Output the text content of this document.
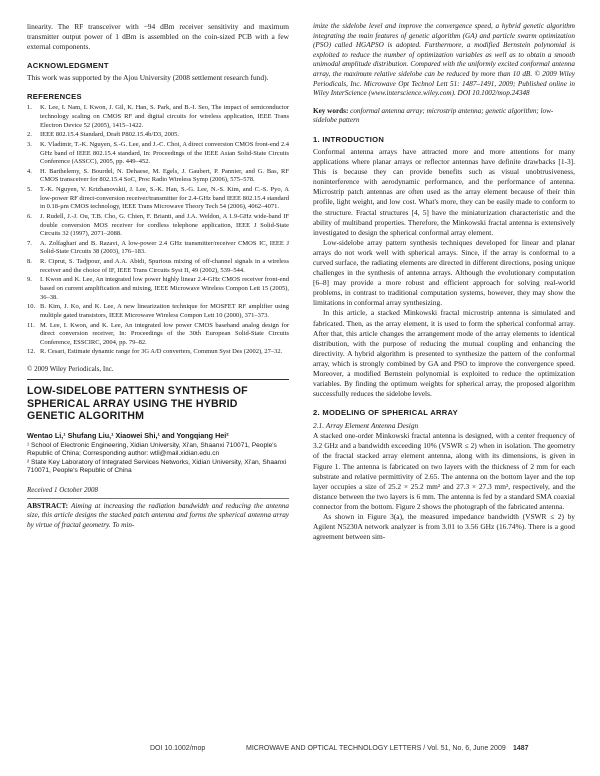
linearity. The RF transceiver with −94 dBm receiver sensitivity and maximum transmitter output power of 1 dBm is assembled on the coin-sized PCB with a few external components.

ACKNOWLEDGMENT

This work was supported by the Ajou University (2008 settlement research fund).

REFERENCES
1. K. Lee, I. Nam, I. Kwon, J. Gil, K. Han, S. Park, and B.-I. Seo, The impact of semiconductor technology scaling on CMOS RF and digital circuits for wireless application, IEEE Trans Electron Device 52 (2005), 1415–1422.
2. IEEE 802.15.4 Standard, Draft P802.15.4b/D3, 2005.
3. K. Vladimir, T.-K. Nguyen, S.-G. Lee, and J.-C. Choi, A direct conversion CMOS front-end 2.4 GHz band of IEEE 802.15.4 standard, In: Proceedings of the IEEE Asian Solid-State Circuits Conference (ASSCC), 2005, pp. 449–452.
4. H. Barthelemy, S. Bourdel, N. Dehaese, M. Egels, J. Gaubert, P. Pannier, and G. Bas, RF CMOS transceiver for 802.15.4 SoC, Proc Radio Wireless Symp (2006), 575–578.
5. T.-K. Nguyen, V. Krizhanovskii, J. Lee, S.-K. Han, S.-G. Lee, N.-S. Kim, and C.-S. Pyo, A low-power RF direct-conversion receiver/transmitter for 2.4-GHz band IEEE 802.15.4 standard in 0.18-μm CMOS technology, IEEE Trans Microwave Theory Tech 54 (2006), 4062–4071.
6. J. Rudell, J.-J. Ou, T.B. Cho, G. Chien, F. Brianti, and J.A. Weldon, A 1.9-GHz wide-band IF double conversion MOS receiver for cordless telephone application, IEEE J Solid-State Circuits 32 (1997), 2071–2088.
7. A. Zolfaghari and B. Razavi, A low-power 2.4 GHz transmitter/receiver CMOS IC, IEEE J Solid-State Circuits 38 (2003), 176–183.
8. R. Ciprut, S. Tadjpour, and A.A. Abidi, Spurious mixing of off-channel signals in a wireless receiver and the choice of IF, IEEE Trans Circuits Syst II, 49 (2002), 539–544.
9. I. Kwon and K. Lee, An integrated low power highly linear 2.4-GHz CMOS receiver front-end based on current amplification and mixing, IEEE Microwave Wireless Compon Lett 15 (2005), 36–38.
10. B. Kim, J. Ko, and K. Lee, A new linearization technique for MOSFET RF amplifier using multiple gated transistors, IEEE Microwave Wireless Compon Lett 10 (2000), 371–373.
11. M. Lee, I. Kwon, and K. Lee, An integrated low power CMOS baseband analog design for direct conversion receiver, In: Proceedings of the 30th European Solid-State Circuits Conference, ESSCIRC, 2004, pp. 79–82.
12. R. Cesari, Estimate dynamic range for 3G A/D converters, Commun Syst Des (2002), 27–32.
© 2009 Wiley Periodicals, Inc.
LOW-SIDELOBE PATTERN SYNTHESIS OF SPHERICAL ARRAY USING THE HYBRID GENETIC ALGORITHM
Wentao Li,¹ Shufang Liu,¹ Xiaowei Shi,¹ and Yongqiang Hei²
¹ School of Electronic Engineering, Xidian University, Xi'an, Shaanxi 710071, People's Republic of China; Corresponding author: wtli@mail.xidian.edu.cn
² State Key Laboratory of Integrated Services Networks, Xidian University, Xi'an, Shaanxi 710071, People's Republic of China
Received 1 October 2008
ABSTRACT: Aiming at increasing the radiation bandwidth and reducing the antenna size, this article designs the stacked patch antenna and forms the spherical antenna array by virtue of fractal geometry. To min-
imize the sidelobe level and improve the convergence speed, a hybrid genetic algorithm integrating the main features of genetic algorithm (GA) and particle swarm optimization (PSO) called HGAPSO is adopted. Furthermore, a modified Bernstein polynomial is exploited to reduce the number of optimization variables as well as to obtain a smooth unimodal amplitude distribution. Compared with the uniformly excited conformal antenna array, the maximum relative sidelobe can be reduced by more than 10 dB. © 2009 Wiley Periodicals, Inc. Microwave Opt Technol Lett 51: 1487–1491, 2009; Published online in Wiley InterScience (www.interscience.wiley.com). DOI 10.1002/mop.24348
Key words: conformal antenna array; microstrip antenna; genetic algorithm; low-sidelobe pattern
1. INTRODUCTION

Conformal antenna arrays have attracted more and more attentions for many applications where planar arrays or reflector antennas have definite drawbacks [1-3]. This is because they can provide benefits such as visual unobtrusiveness, noninterference with aerodynamic performance, and the performance of antenna. Microstrip patch antennas are often used as the array element because of their thin profile, light weight, and low cost. What's more, they can be easily made to conform to the structure. Fractal structures [4, 5] have the miniaturization characteristic and the ability of multiband properties. Therefore, the Minkowski fractal antenna is extensively investigated to design the spherical conformal array element.

Low-sidelobe array pattern synthesis techniques developed for linear and planar arrays do not work well with spherical arrays. Since, if the array is conformal to a curved surface, the radiating elements are directed in different directions, posing unique challenges in the synthesis of antenna arrays. Although the evolutionary computation [6–8] may provide a more robust and efficient approach for solving real-world problems, in contrast to traditional computation systems, however, they may show the limitations in conformal array synthesizing.

In this article, a stacked Minkowski fractal microstrip antenna is simulated and fabricated. Then, as the array element, it is used to form the spherical conformal array. After that, this article changes the arrangement mode of the array elements to identical distribution, with the purpose of reducing the mutual coupling and enhancing the directivity. A hybrid algorithm is presented to synthesize the pattern of the conformal array, which is strongly combined by GA and PSO to improve the convergence speed. Moreover, a modified Bernstein polynomial is exploited to reduce the optimization variables. By finding the optimum weights for spherical array, the proposed algorithm successfully reduces the sidelobe levels.

2. MODELING OF SPHERICAL ARRAY
2.1. Array Element Antenna Design

A stacked one-order Minkowski fractal antenna is designed, with a center frequency of 3.2 GHz and a bandwidth exceeding 10% (VSWR ≤ 2) when in isolation. The geometry of the fractal stacked array element antenna, along with its dimensions, is given in Figure 1. The antenna is fabricated on two layers with the thickness of 2 mm for each substrate and relative permittivity of 2.65. The antenna on the bottom layer and the top layer occupies a size of 25.2 × 25.2 mm² and 27.3 × 27.3 mm², respectively, and the distance between the two layers is 6 mm. The antenna is fed by a standard SMA coaxial connector from the bottom. Figure 2 shows the photograph of the fabricated antenna.

As shown in Figure 3(a), the measured impedance bandwidth (VSWR ≤ 2) by Agilent N5230A network analyzer is from 3.01 to 3.56 GHz (16.74%). There is a good agreement between sim-

DOI 10.1002/mop	MICROWAVE AND OPTICAL TECHNOLOGY LETTERS / Vol. 51, No. 6, June 2009 1487
